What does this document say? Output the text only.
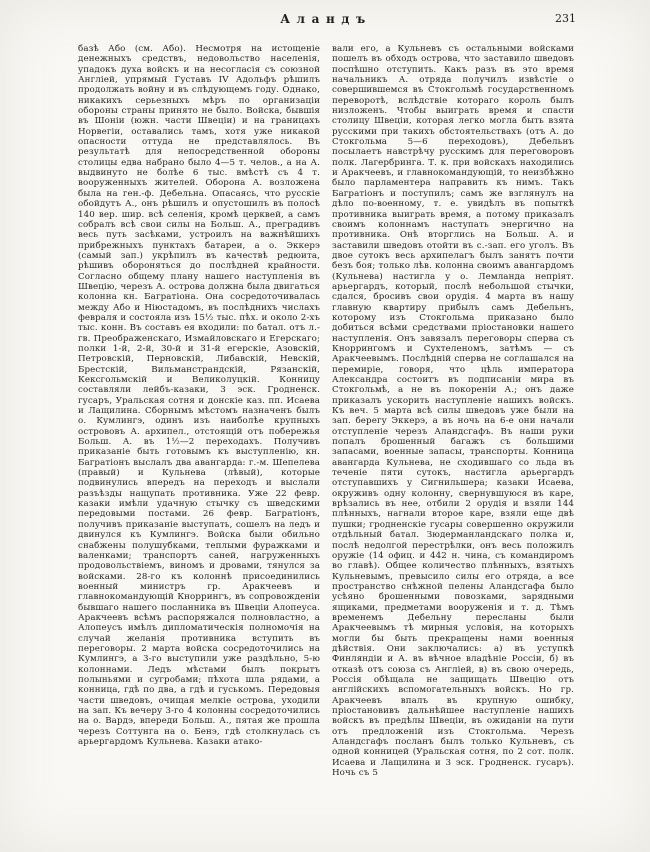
Аландъ	231
базѣ Або (см. Або). Несмотря на истощеніе денежныхъ средствъ, недовольство населенія, упадокъ духа войскъ и на несогласія съ союзной Англіей, упрямый Густавъ IV Адольфъ рѣшилъ продолжать войну и въ слѣдующемъ году. Однако, никакихъ серьезныхъ мѣръ по организаціи обороны страны принято не было. Войска, бывшія въ Шоніи (южн. части Швеціи) и на границахъ Норвегіи, оставались тамъ, хотя уже никакой опасности оттуда не представлялось. Въ результатѣ для непосредственной обороны столицы едва набрано было 4—5 т. челов., а на А. выдвинуто не болѣе 6 тыс. вмѣстѣ съ 4 т. вооруженныхъ жителей. Оборона А. возложена была на ген.-ф. Дебельна. Опасаясь, что русскіе обойдутъ А., онъ рѣшилъ и опустошилъ въ полосѣ 140 вер. шир. всѣ селенія, кромѣ церквей, а самъ собралъ всѣ свои силы на Больш. А., преградивъ весь путь засѣками, устроилъ на важнѣйшихъ прибрежныхъ пунктахъ батареи, а о. Эккерэ (самый зап.) укрѣпилъ въ качествѣ редюита, рѣшивъ обороняться до послѣдней крайности. Согласно общему плану нашего наступленія въ Швецію, черезъ А. острова должна была двигаться колонна кн. Багратіона. Она сосредоточивалась между Або и Ніюстадомъ, въ послѣднихъ числахъ февраля и состояла изъ 15½ тыс. пѣх. и около 2-хъ тыс. конн. Въ составъ ея входили: по батал. отъ л.-гв. Преображенскаго, Измайловскаго и Егерскаго; полки 1-й, 2-й, 30-й и 31-й егерскіе, Азовскій, Петровскій, Перновскій, Либавскій, Невскій, Брестскій, Вильманстрандскій, Рязанскій, Кексгольмскій и Великолуцкій. Конницу составляли лейбъ-казаки, 3 эск. Гродненск. гусаръ, Уральская сотня и донскіе каз. пп. Исаева и Лащилина. Сборнымъ мѣстомъ назначенъ былъ о. Кумлингэ, одинъ изъ наиболѣе крупныхъ острововъ А. архипел., отстоящій отъ побережья Больш. А. въ 1½—2 переходахъ. Получивъ приказаніе быть готовымъ къ выступленію, кн. Багратіонъ выслалъ два авангарда: г.-м. Шепелева (правый) и Кульнева (лѣвый), которые подвинулись впередъ на переходъ и выслали разъѣзды нащупать противника. Уже 22 февр. казаки имѣли удачную стычку съ шведскими передовыми постами. 26 февр. Багратіонъ, получивъ приказаніе выступать, сошелъ на ледъ и двинулся къ Кумлингэ. Войска были обильно снабжены полушубками, теплыми фуражками и валенками; транспортъ саней, нагруженныхъ продовольствіемъ, виномъ и дровами, тянулся за войсками. 28-го къ колоннѣ присоединились военный министръ гр. Аракчеевъ и главнокомандующій Кноррингъ, въ сопровожденіи бывшаго нашего посланника въ Швеціи Алопеуса. Аракчеевъ всѣмъ распоряжался полновластно, а Алопеусъ имѣлъ дипломатическія полномочія на случай желанія противника вступить въ переговоры. 2 марта войска сосредоточились на Кумлингэ, а 3-го выступили уже раздѣльно, 5-ю колоннами. Ледъ мѣстами былъ покрытъ полыньями и сугробами; пѣхота шла рядами, а конница, гдѣ по два, а гдѣ и гуськомъ. Передовыя части шведовъ, очищая мелкіе острова, уходили на зап. Къ вечеру 3-го 4 колонны сосредоточились на о. Вардэ, впереди Больш. А., пятая же прошла черезъ Соттунга на о. Бенэ, гдѣ столкнулась съ арьергардомъ Кульнева. Казаки атако-
вали его, а Кульневъ съ остальными войсками пошелъ въ обходъ острова, что заставило шведовъ поспѣшно отступить. Какъ разъ въ это время начальникъ А. отряда получилъ извѣстіе о совершившемся въ Стокгольмѣ государственномъ переворотѣ, вслѣдствіе котораго король былъ низложенъ. Чтобы выиграть время и спасти столицу Швеціи, которая легко могла быть взята русскими при такихъ обстоятельствахъ (отъ А. до Стокгольма 5—6 переходовъ), Дебельнъ посылаетъ навстрѣчу русскимъ для переговоровъ полк. Лагербринга. Т. к. при войскахъ находились и Аракчеевъ, и главнокомандующій, то неизбѣжно было парламентера направить къ нимъ. Такъ Багратіонъ и поступилъ; самъ же взглянулъ на дѣло по-военному, т. е. увидѣлъ въ попыткѣ противника выиграть время, а потому приказалъ своимъ колоннамъ наступать энергично на противника. Онѣ вторглись на Больш. А. и заставили шведовъ отойти въ с.-зап. его уголъ. Въ двое сутокъ весь архипелагъ былъ занятъ почти безъ боя; только лѣв. колонна своимъ авангардомъ (Кульнева) настигла у о. Лемланда непріят. арьергардъ, который, послѣ небольшой стычки, сдался, бросивъ свои орудія. 4 марта въ нашу главную квартиру прибылъ самъ Дебельнъ, которому изъ Стокгольма приказано было добиться всѣми средствами пріостановки нашего наступленія. Онъ завязалъ переговоры сперва съ Кноррингомъ и Сухтеленомъ, затѣмъ — съ Аракчеевымъ. Послѣдній сперва не соглашался на перемиріе, говоря, что цѣль императора Александра состоитъ въ подписаніи мира въ Стокгольмѣ, а не въ покореніи А.; онъ даже приказалъ ускорить наступленіе нашихъ войскъ. Къ веч. 5 марта всѣ силы шведовъ уже были на зап. берегу Эккерэ, а въ ночь на 6-е они начали отступленіе черезъ Аландсгафъ. Въ наши руки попалъ брошенный багажъ съ большими запасами, военные запасы, транспорты. Конница авангарда Кульнева, не сходившаго со льда въ теченіе пяти сутокъ, настигла арьергардъ отступавшихъ у Сигнильшера; казаки Исаева, окруживъ одну колонну, свернувшуюся въ каре, врѣзались въ нее, отбили 2 орудія и взяли 144 плѣнныхъ, нагнали второе каре, взяли еще двѣ пушки; гродненскіе гусары совершенно окружили отдѣльный батал. Зюдерманландскаго полка и, послѣ недолгой перестрѣлки, онъ весь положилъ оружіе (14 офиц. и 442 н. чина, съ командиромъ во главѣ). Общее количество плѣнныхъ, взятыхъ Кульневымъ, превысило силы его отряда, а все пространство снѣжной пелены Аландсгафа было усѣяно брошенными повозками, зарядными ящиками, предметами вооруженія и т. д. Тѣмъ временемъ Дебельну пересланы были Аракчеевымъ тѣ мирныя условія, на которыхъ могли бы быть прекращены нами военныя дѣйствія. Они заключались: а) въ уступкѣ Финляндіи и А. въ вѣчное владѣніе Россіи, б) въ отказѣ отъ союза съ Англіей, в) въ свою очередь, Россія обѣщала не защищать Швецію отъ англійскихъ вспомогательныхъ войскъ. Но гр. Аракчеевъ впалъ въ крупную ошибку, пріостановивъ дальнѣйшее наступленіе нашихъ войскъ въ предѣлы Швеціи, въ ожиданіи на пути отъ предложеній изъ Стокгольма. Черезъ Аландсгафъ посланъ былъ только Кульневъ, съ одной конницей (Уральская сотня, по 2 сот. полк. Исаева и Лащилина и 3 эск. Гродненск. гусаръ). Ночь съ 5
